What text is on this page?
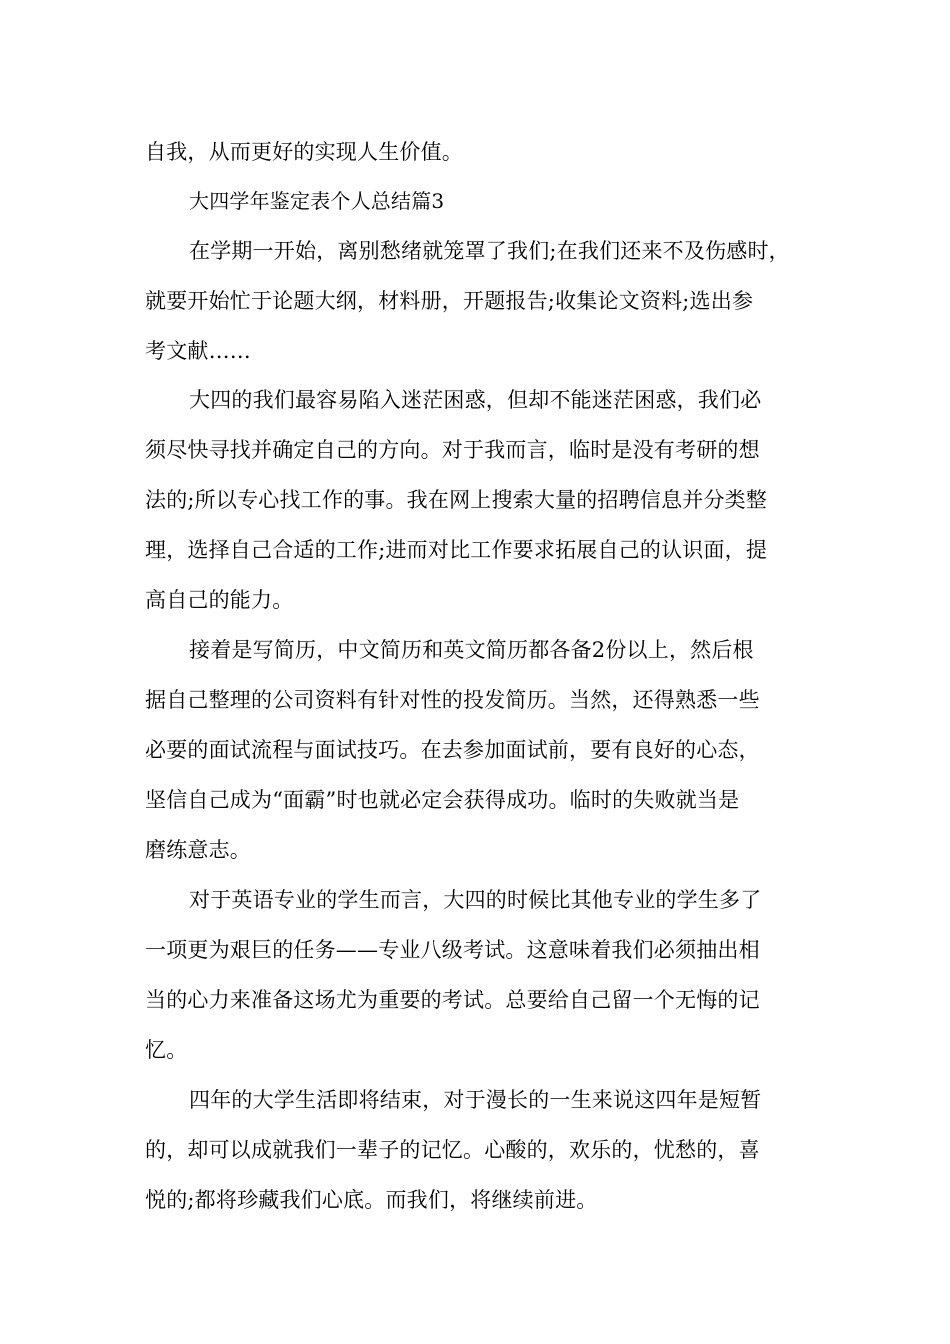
自我，从而更好的实现人生价值。
大四学年鉴定表个人总结篇3
在学期一开始，离别愁绪就笼罩了我们;在我们还来不及伤感时，
就要开始忙于论题大纲，材料册，开题报告;收集论文资料;选出参
考文献……
大四的我们最容易陷入迷茫困惑，但却不能迷茫困惑，我们必
须尽快寻找并确定自己的方向。对于我而言，临时是没有考研的想
法的;所以专心找工作的事。我在网上搜索大量的招聘信息并分类整
理，选择自己合适的工作;进而对比工作要求拓展自己的认识面，提
高自己的能力。
接着是写简历，中文简历和英文简历都各备2份以上，然后根
据自己整理的公司资料有针对性的投发简历。当然，还得熟悉一些
必要的面试流程与面试技巧。在去参加面试前，要有良好的心态，
坚信自己成为“面霸”时也就必定会获得成功。临时的失败就当是
磨练意志。
对于英语专业的学生而言，大四的时候比其他专业的学生多了
一项更为艰巨的任务——专业八级考试。这意味着我们必须抽出相
当的心力来准备这场尤为重要的考试。总要给自己留一个无悔的记
忆。
四年的大学生活即将结束，对于漫长的一生来说这四年是短暂
的，却可以成就我们一辈子的记忆。心酸的，欢乐的，忧愁的，喜
悦的;都将珍藏我们心底。而我们，将继续前进。
